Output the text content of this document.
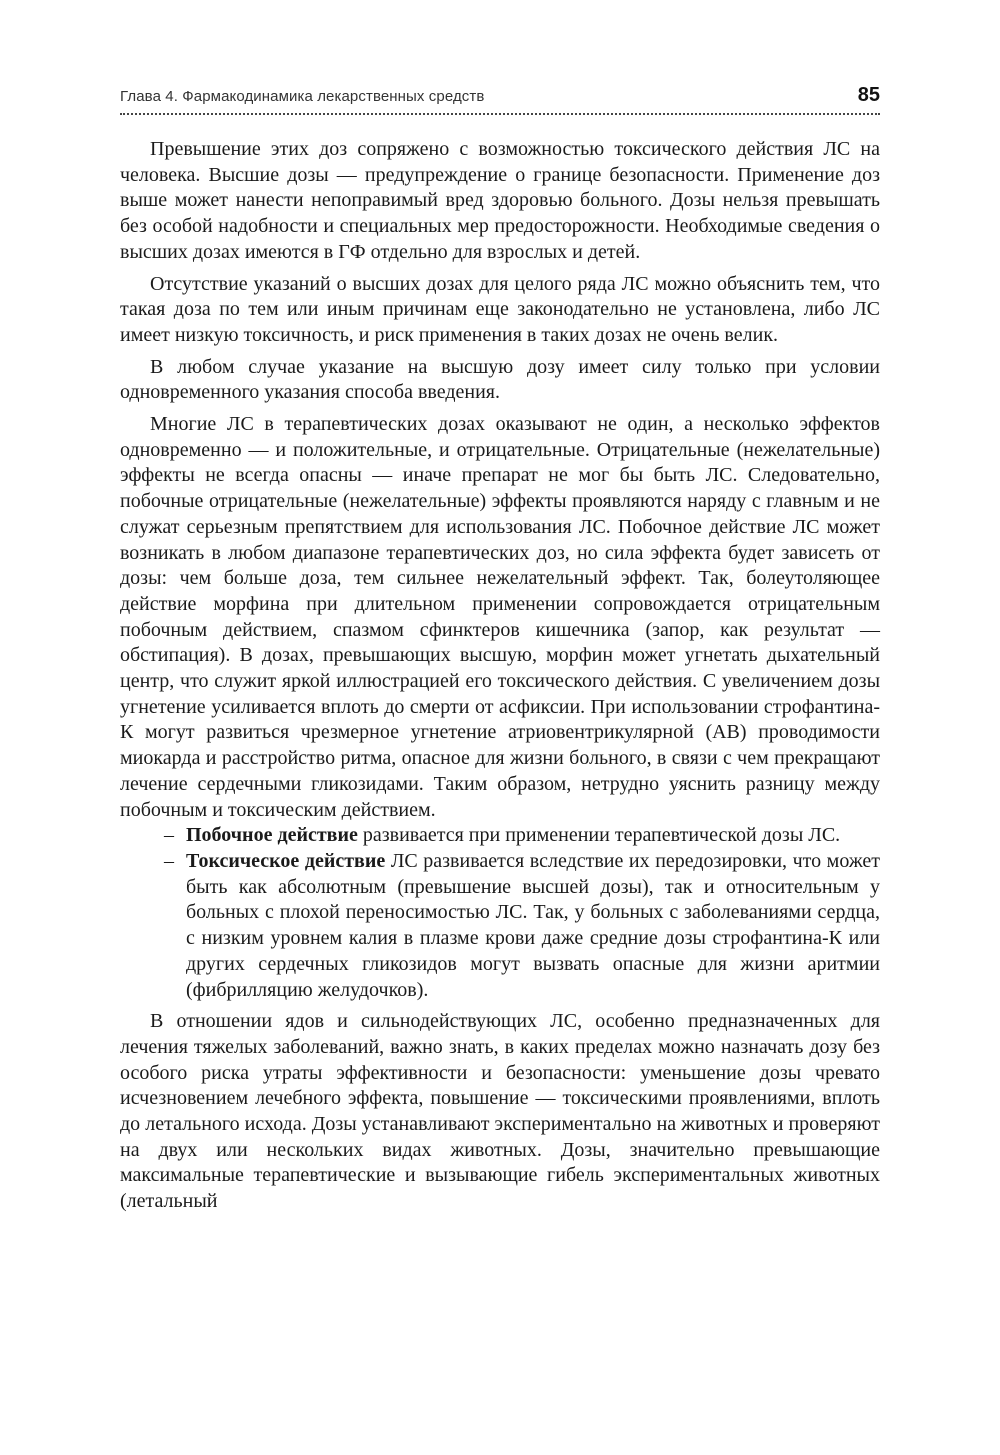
Глава 4. Фармакодинамика лекарственных средств	85

Превышение этих доз сопряжено с возможностью токсического действия ЛС на человека. Высшие дозы — предупреждение о границе безопасности. Применение доз выше может нанести непоправимый вред здоровью больного. Дозы нельзя превышать без особой надобности и специальных мер предосторожности. Необходимые сведения о высших дозах имеются в ГФ отдельно для взрослых и детей.

Отсутствие указаний о высших дозах для целого ряда ЛС можно объяснить тем, что такая доза по тем или иным причинам еще законодательно не установлена, либо ЛС имеет низкую токсичность, и риск применения в таких дозах не очень велик.

В любом случае указание на высшую дозу имеет силу только при условии одновременного указания способа введения.

Многие ЛС в терапевтических дозах оказывают не один, а несколько эффектов одновременно — и положительные, и отрицательные. Отрицательные (нежелательные) эффекты не всегда опасны — иначе препарат не мог бы быть ЛС. Следовательно, побочные отрицательные (нежелательные) эффекты проявляются наряду с главным и не служат серьезным препятствием для использования ЛС. Побочное действие ЛС может возникать в любом диапазоне терапевтических доз, но сила эффекта будет зависеть от дозы: чем больше доза, тем сильнее нежелательный эффект. Так, болеутоляющее действие морфина при длительном применении сопровождается отрицательным побочным действием, спазмом сфинктеров кишечника (запор, как результат — обстипация). В дозах, превышающих высшую, морфин может угнетать дыхательный центр, что служит яркой иллюстрацией его токсического действия. С увеличением дозы угнетение усиливается вплоть до смерти от асфиксии. При использовании строфантина-К могут развиться чрезмерное угнетение атриовентрикулярной (АВ) проводимости миокарда и расстройство ритма, опасное для жизни больного, в связи с чем прекращают лечение сердечными гликозидами. Таким образом, нетрудно уяснить разницу между побочным и токсическим действием.

– Побочное действие развивается при применении терапевтической дозы ЛС.
– Токсическое действие ЛС развивается вследствие их передозировки, что может быть как абсолютным (превышение высшей дозы), так и относительным у больных с плохой переносимостью ЛС. Так, у больных с заболеваниями сердца, с низким уровнем калия в плазме крови даже средние дозы строфантина-К или других сердечных гликозидов могут вызвать опасные для жизни аритмии (фибрилляцию желудочков).

В отношении ядов и сильнодействующих ЛС, особенно предназначенных для лечения тяжелых заболеваний, важно знать, в каких пределах можно назначать дозу без особого риска утраты эффективности и безопасности: уменьшение дозы чревато исчезновением лечебного эффекта, повышение — токсическими проявлениями, вплоть до летального исхода. Дозы устанавливают экспериментально на животных и проверяют на двух или нескольких видах животных. Дозы, значительно превышающие максимальные терапевтические и вызывающие гибель экспериментальных животных (летальный
